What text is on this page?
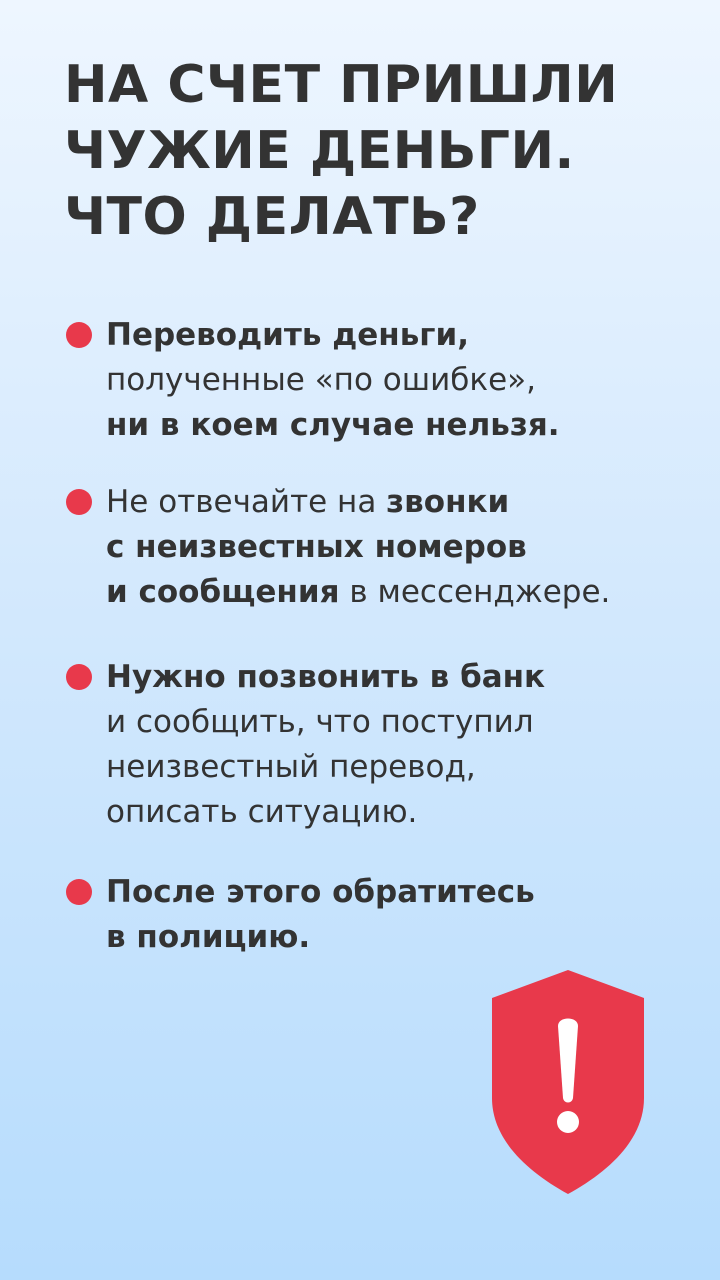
НА СЧЕТ ПРИШЛИ
ЧУЖИЕ ДЕНЬГИ.
ЧТО ДЕЛАТЬ?
Переводить деньги,
полученные «по ошибке»,
ни в коем случае нельзя.
Не отвечайте на звонки
с неизвестных номеров
и сообщения в мессенджере.
Нужно позвонить в банк
и сообщить, что поступил
неизвестный перевод,
описать ситуацию.
После этого обратитесь
в полицию.
